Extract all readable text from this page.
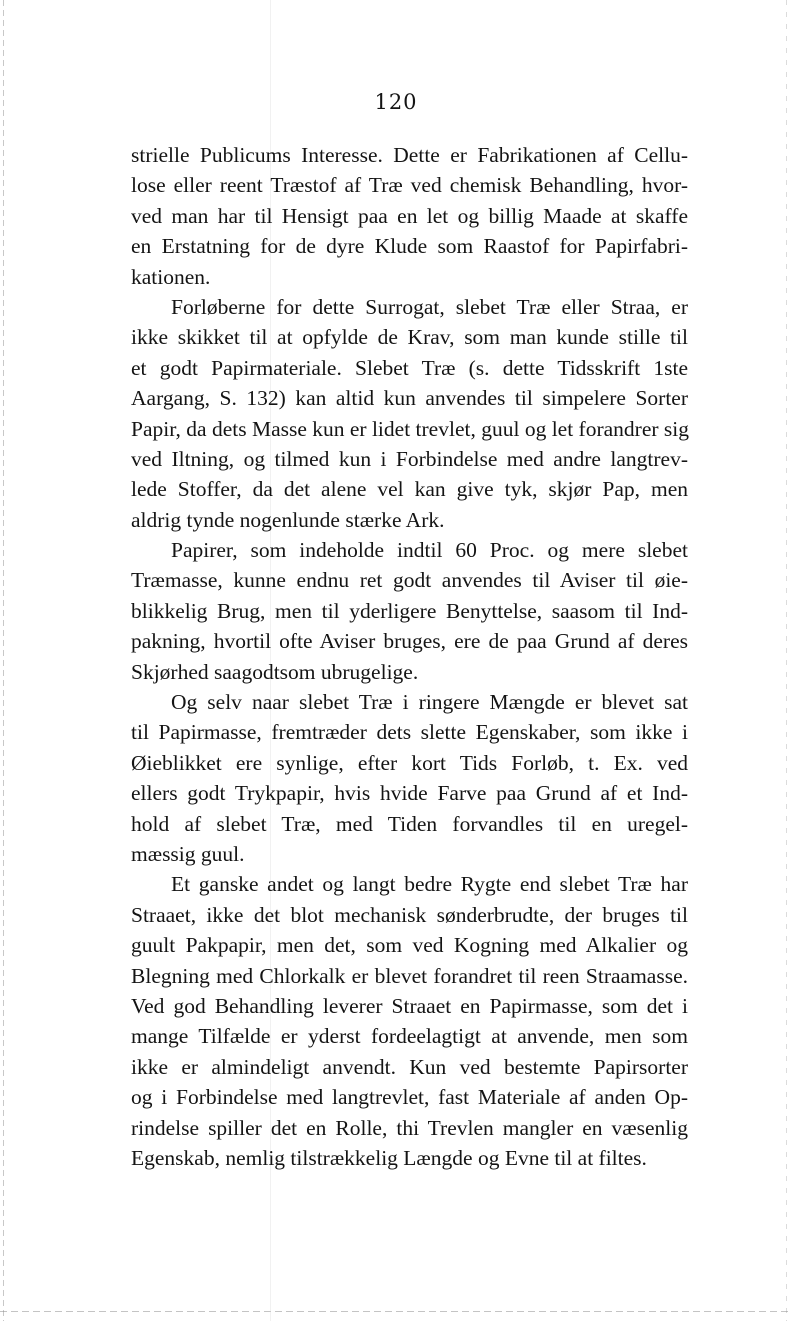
120
strielle Publicums Interesse. Dette er Fabrikationen af Cellu-
lose eller reent Træstof af Træ ved chemisk Behandling, hvor-
ved man har til Hensigt paa en let og billig Maade at skaffe
en Erstatning for de dyre Klude som Raastof for Papirfabri-
kationen.
Forløberne for dette Surrogat, slebet Træ eller Straa, er
ikke skikket til at opfylde de Krav, som man kunde stille til
et godt Papirmateriale. Slebet Træ (s. dette Tidsskrift 1ste
Aargang, S. 132) kan altid kun anvendes til simpelere Sorter
Papir, da dets Masse kun er lidet trevlet, guul og let forandrer sig
ved Iltning, og tilmed kun i Forbindelse med andre langtrev-
lede Stoffer, da det alene vel kan give tyk, skjør Pap, men
aldrig tynde nogenlunde stærke Ark.
Papirer, som indeholde indtil 60 Proc. og mere slebet
Træmasse, kunne endnu ret godt anvendes til Aviser til øie-
blikkelig Brug, men til yderligere Benyttelse, saasom til Ind-
pakning, hvortil ofte Aviser bruges, ere de paa Grund af deres
Skjørhed saagodtsom ubrugelige.
Og selv naar slebet Træ i ringere Mængde er blevet sat
til Papirmasse, fremtræder dets slette Egenskaber, som ikke i
Øieblikket ere synlige, efter kort Tids Forløb, t. Ex. ved
ellers godt Trykpapir, hvis hvide Farve paa Grund af et Ind-
hold af slebet Træ, med Tiden forvandles til en uregel-
mæssig guul.
Et ganske andet og langt bedre Rygte end slebet Træ har
Straaet, ikke det blot mechanisk sønderbrudte, der bruges til
guult Pakpapir, men det, som ved Kogning med Alkalier og
Blegning med Chlorkalk er blevet forandret til reen Straamasse.
Ved god Behandling leverer Straaet en Papirmasse, som det i
mange Tilfælde er yderst fordeelagtigt at anvende, men som
ikke er almindeligt anvendt. Kun ved bestemte Papirsorter
og i Forbindelse med langtrevlet, fast Materiale af anden Op-
rindelse spiller det en Rolle, thi Trevlen mangler en væsenlig
Egenskab, nemlig tilstrækkelig Længde og Evne til at filtes.
